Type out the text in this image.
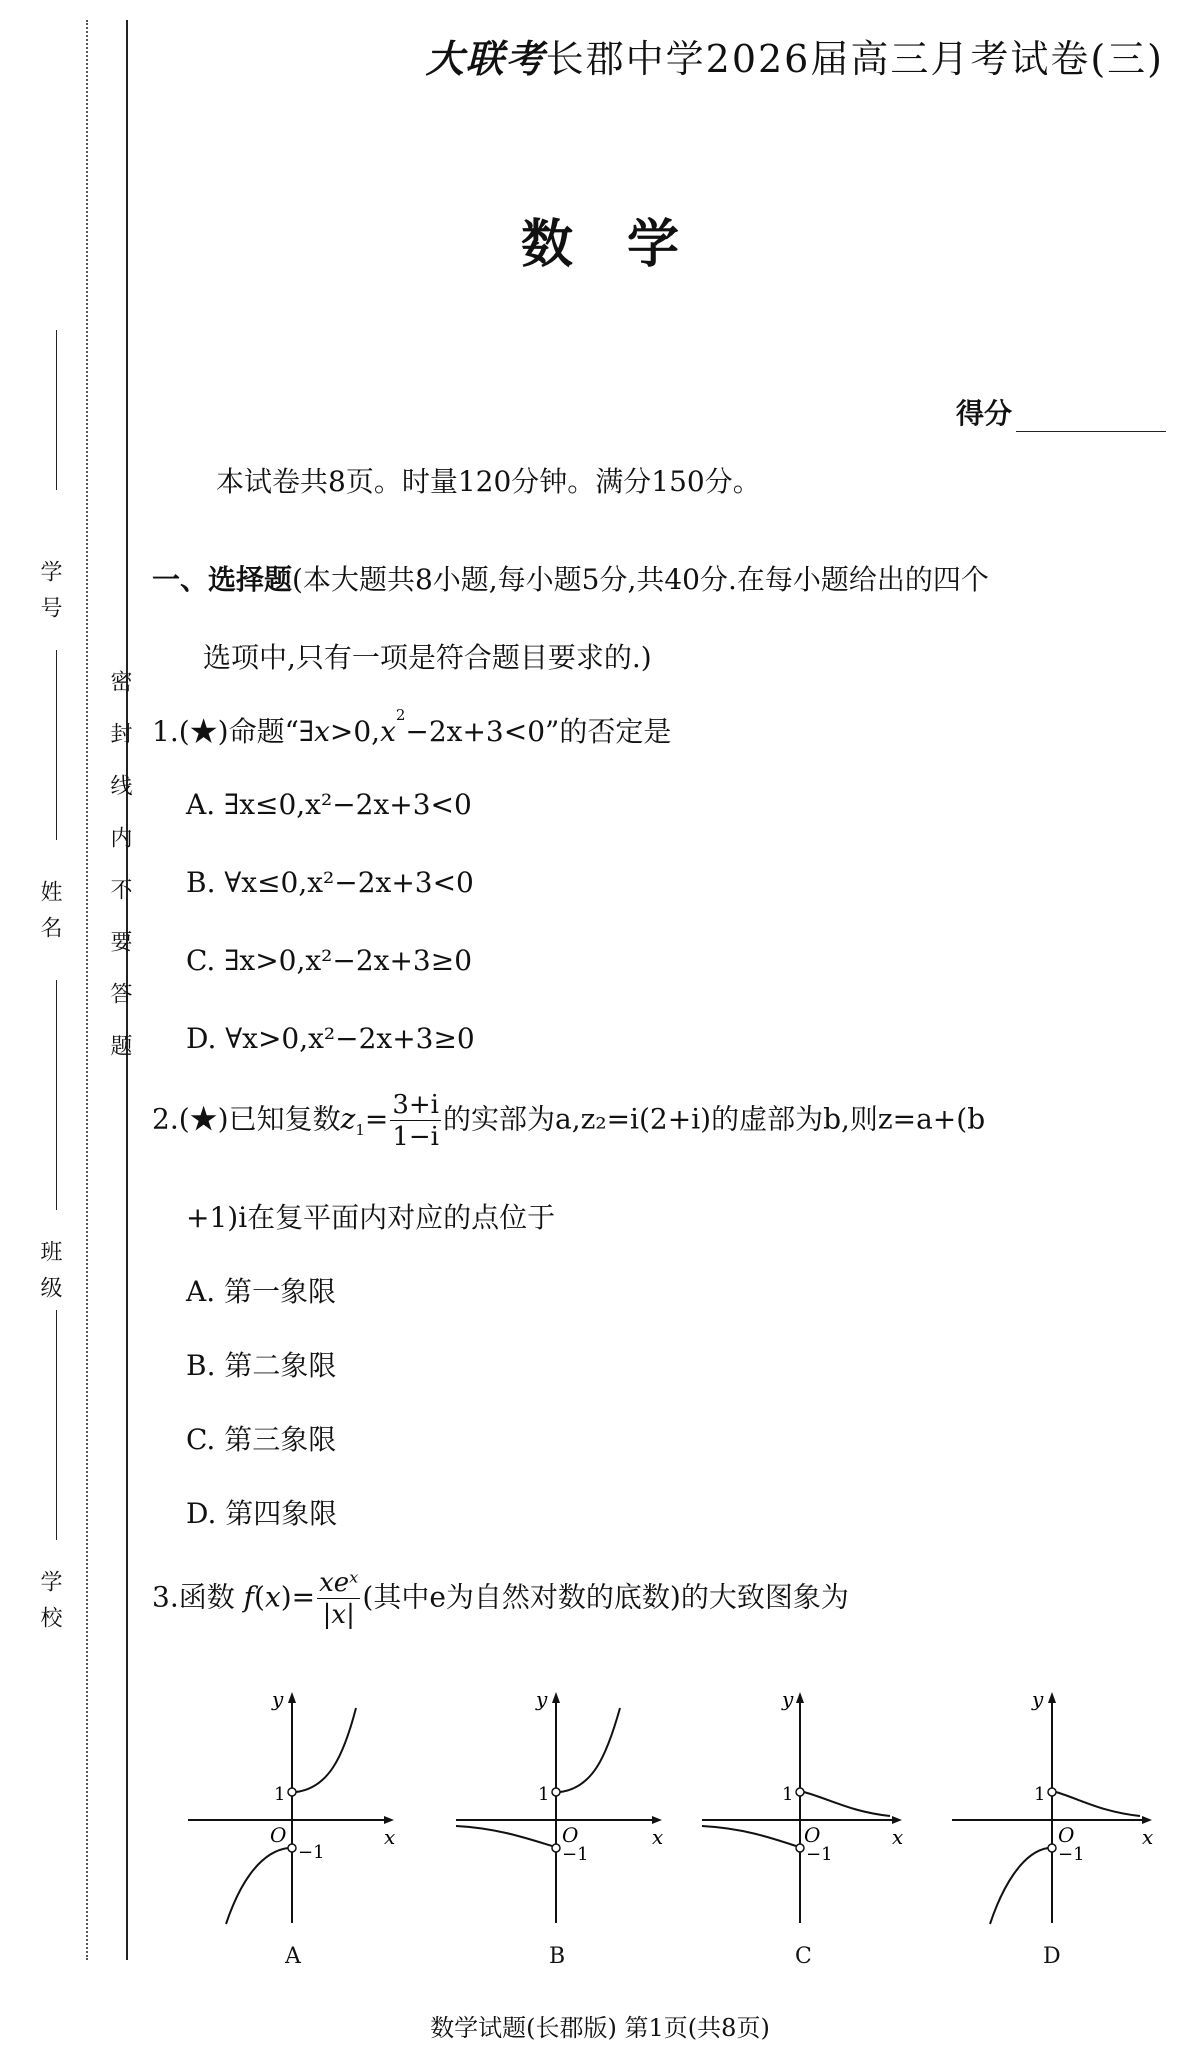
学号
姓名
班级
学校
密封线内不要答题
大联考长郡中学2026届高三月考试卷(三)
数学
得分
本试卷共8页。时量120分钟。满分150分。
一、选择题(本大题共8小题,每小题5分,共40分.在每小题给出的四个
选项中,只有一项是符合题目要求的.)
1.(★)命题“$\exists x>0,x^2-2x+3<0$”的否定是
A. ∃x≤0,x²−2x+3<0
B. ∀x≤0,x²−2x+3<0
C. ∃x>0,x²−2x+3≥0
D. ∀x>0,x²−2x+3≥0
2.(★)已知复数$z_1= \frac{3+i}{1-i}$ 的实部为a,z₂=i(2+i)的虚部为b,则z=a+(b
+1)i在复平面内对应的点位于
A. 第一象限
B. 第二象限
C. 第三象限
D. 第四象限
3.函数 $f(x)= \frac{\text{xeˣ}}{|x|}$ (其中e为自然对数的底数)的大致图象为
y
x
O
1
−1
A
y
x
O
1
−1
B
y
x
O
1
−1
C
y
x
O
1
−1
D
数学试题(长郡版) 第1页(共8页)
